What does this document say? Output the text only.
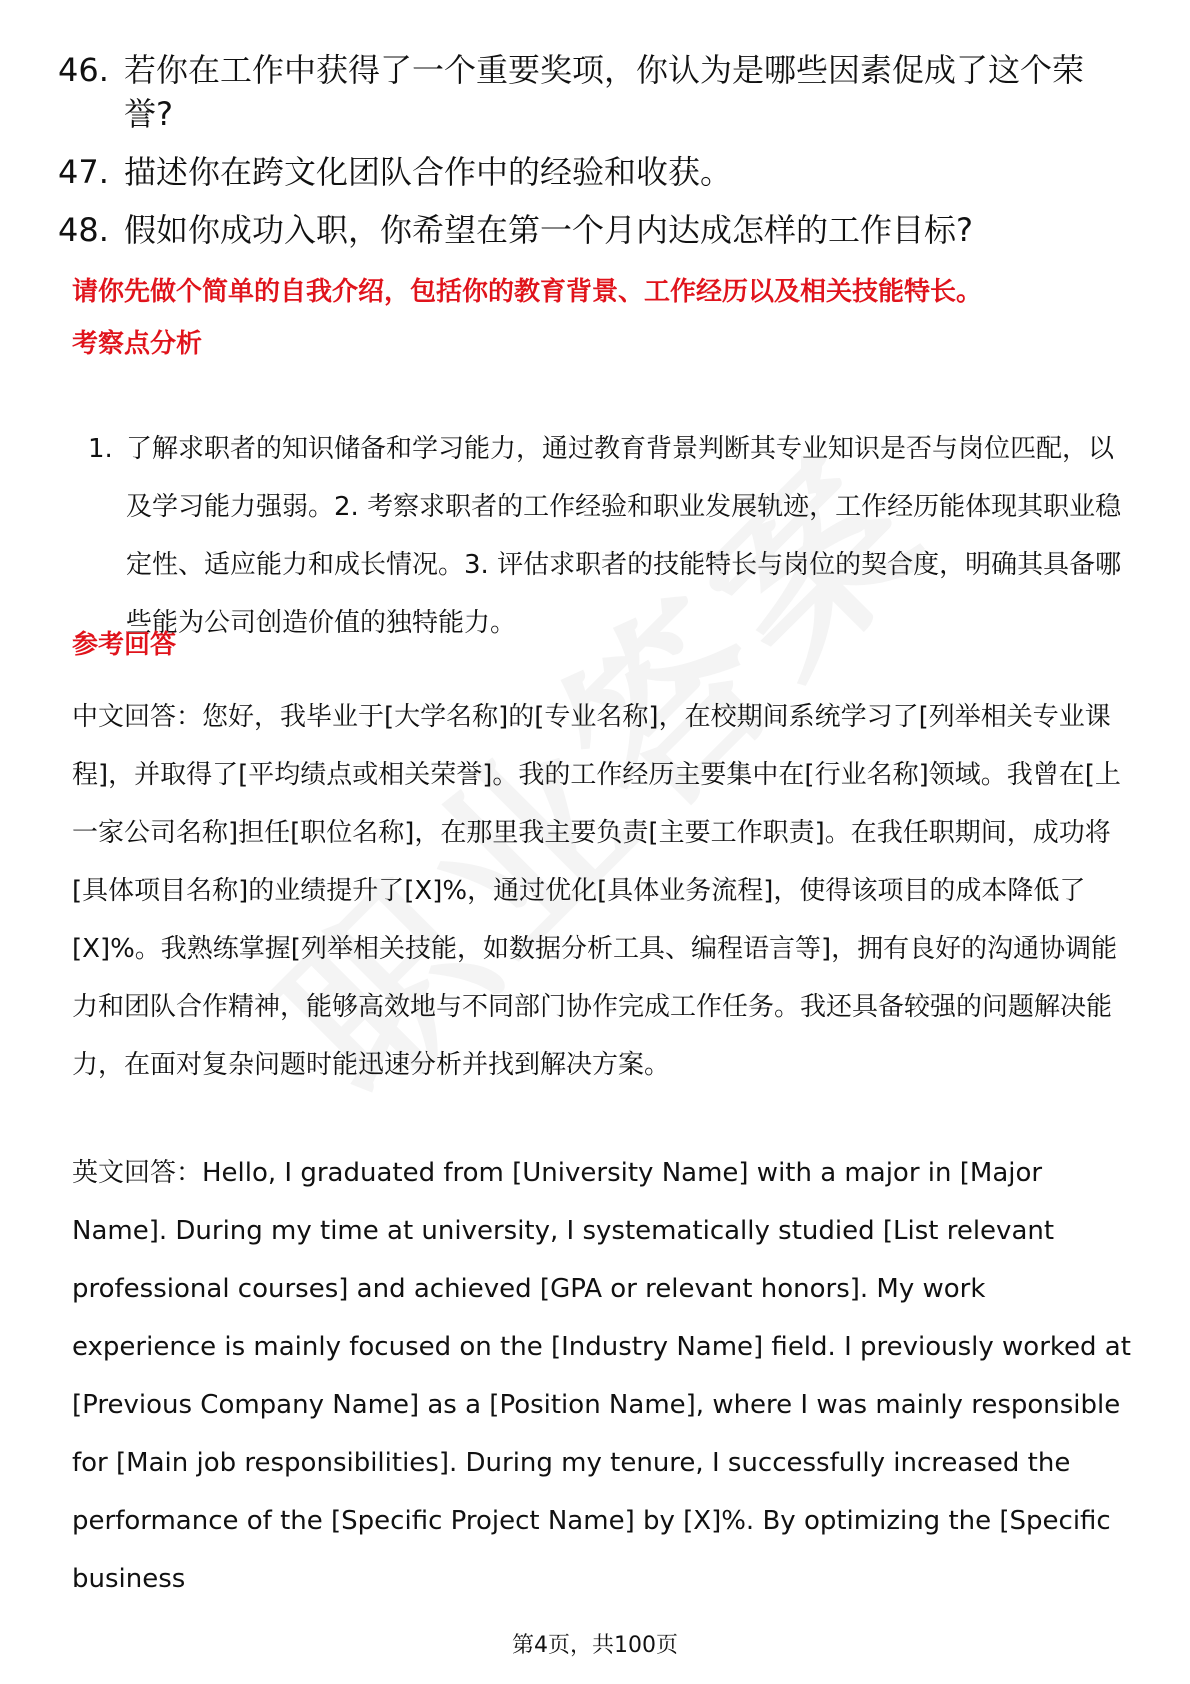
46. 若你在工作中获得了一个重要奖项，你认为是哪些因素促成了这个荣誉?
47. 描述你在跨文化团队合作中的经验和收获。
48. 假如你成功入职，你希望在第一个月内达成怎样的工作目标?
请你先做个简单的自我介绍，包括你的教育背景、工作经历以及相关技能特长。
考察点分析
1. 了解求职者的知识储备和学习能力，通过教育背景判断其专业知识是否与岗位匹配，以及学习能力强弱。2. 考察求职者的工作经验和职业发展轨迹，工作经历能体现其职业稳定性、适应能力和成长情况。3. 评估求职者的技能特长与岗位的契合度，明确其具备哪些能为公司创造价值的独特能力。
参考回答
中文回答：您好，我毕业于[大学名称]的[专业名称]，在校期间系统学习了[列举相关专业课程]，并取得了[平均绩点或相关荣誉]。我的工作经历主要集中在[行业名称]领域。我曾在[上一家公司名称]担任[职位名称]，在那里我主要负责[主要工作职责]。在我任职期间，成功将[具体项目名称]的业绩提升了[X]%，通过优化[具体业务流程]，使得该项目的成本降低了[X]%。我熟练掌握[列举相关技能，如数据分析工具、编程语言等]，拥有良好的沟通协调能力和团队合作精神，能够高效地与不同部门协作完成工作任务。我还具备较强的问题解决能力，在面对复杂问题时能迅速分析并找到解决方案。
英文回答：Hello, I graduated from [University Name] with a major in [Major Name]. During my time at university, I systematically studied [List relevant professional courses] and achieved [GPA or relevant honors]. My work experience is mainly focused on the [Industry Name] field. I previously worked at [Previous Company Name] as a [Position Name], where I was mainly responsible for [Main job responsibilities]. During my tenure, I successfully increased the performance of the [Specific Project Name] by [X]%. By optimizing the [Specific business
第4页，共100页
